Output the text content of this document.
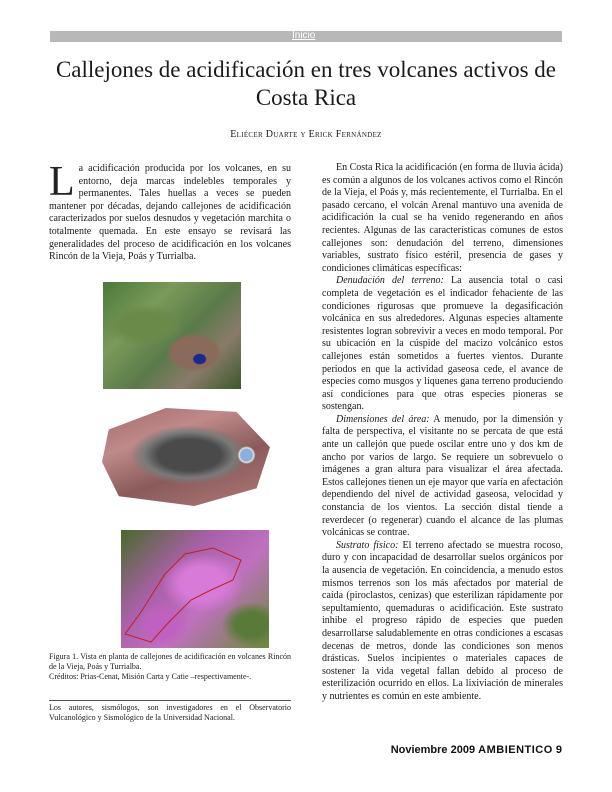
Inicio
Callejones de acidificación en tres volcanes activos de Costa Rica
Eliécer Duarte y Erick Fernández

L a acidificación producida por los volcanes, en su entorno, deja marcas indelebles temporales y permanentes. Tales huellas a veces se pueden mantener por décadas, dejando callejones de acidificación caracterizados por suelos desnudos y vegetación marchita o totalmente quemada. En este ensayo se revisará las generalidades del proceso de acidificación en los volcanes Rincón de la Vieja, Poás y Turrialba.

Figura 1. Vista en planta de callejones de acidificación en volcanes Rincón de la Vieja, Poás y Turrialba.

Créditos: Prias-Cenat, Misión Carta y Catie –respectivamente-.

Los autores, sismólogos, son investigadores en el Observatorio Vulcanológico y Sismológico de la Universidad Nacional.

En Costa Rica la acidificación (en forma de lluvia ácida) es común a algunos de los volcanes activos como el Rincón de la Vieja, el Poás y, más recientemente, el Turrialba. En el pasado cercano, el volcán Arenal mantuvo una avenida de acidificación la cual se ha venido regenerando en años recientes. Algunas de las características comunes de estos callejones son: denudación del terreno, dimensiones variables, sustrato físico estéril, presencia de gases y condiciones climáticas específicas:

Denudación del terreno: La ausencia total o casi completa de vegetación es el indicador fehaciente de las condiciones rigurosas que promueve la degasificación volcánica en sus alrededores. Algunas especies altamente resistentes logran sobrevivir a veces en modo temporal. Por su ubicación en la cúspide del macizo volcánico estos callejones están sometidos a fuertes vientos. Durante periodos en que la actividad gaseosa cede, el avance de especies como musgos y líquenes gana terreno produciendo así condiciones para que otras especies pioneras se sostengan.

Dimensiones del área: A menudo, por la dimensión y falta de perspectiva, el visitante no se percata de que está ante un callejón que puede oscilar entre uno y dos km de ancho por varios de largo. Se requiere un sobrevuelo o imágenes a gran altura para visualizar el área afectada. Estos callejones tienen un eje mayor que varía en afectación dependiendo del nivel de actividad gaseosa, velocidad y constancia de los vientos. La sección distal tiende a reverdecer (o regenerar) cuando el alcance de las plumas volcánicas se contrae.

Sustrato físico: El terreno afectado se muestra rocoso, duro y con incapacidad de desarrollar suelos orgánicos por la ausencia de vegetación. En coincidencia, a menudo estos mismos terrenos son los más afectados por material de caída (piroclastos, cenizas) que esterilizan rápidamente por sepultamiento, quemaduras o acidificación. Este sustrato inhibe el progreso rápido de especies que pueden desarrollarse saludablemente en otras condiciones a escasas decenas de metros, donde las condiciones son menos drásticas. Suelos incipientes o materiales capaces de sostener la vida vegetal fallan debido al proceso de esterilización ocurrido en ellos. La lixiviación de minerales y nutrientes es común en este ambiente.

Noviembre 2009 AMBIENTICO 9
